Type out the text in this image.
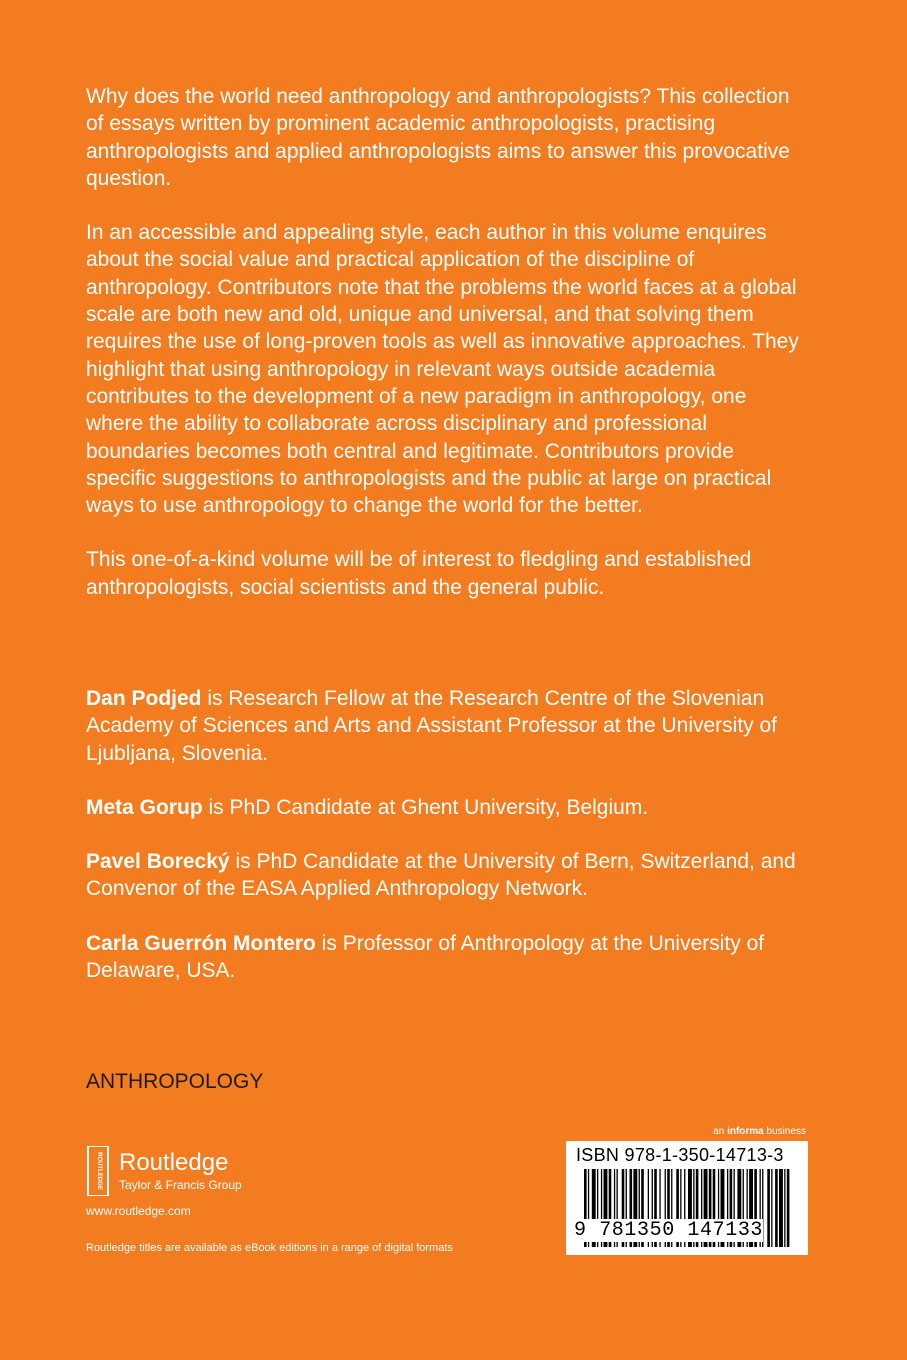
Why does the world need anthropology and anthropologists? This collection of essays written by prominent academic anthropologists, practising anthropologists and applied anthropologists aims to answer this provocative question.

In an accessible and appealing style, each author in this volume enquires about the social value and practical application of the discipline of anthropology. Contributors note that the problems the world faces at a global scale are both new and old, unique and universal, and that solving them requires the use of long-proven tools as well as innovative approaches. They highlight that using anthropology in relevant ways outside academia contributes to the development of a new paradigm in anthropology, one where the ability to collaborate across disciplinary and professional boundaries becomes both central and legitimate. Contributors provide specific suggestions to anthropologists and the public at large on practical ways to use anthropology to change the world for the better.

This one-of-a-kind volume will be of interest to fledgling and established anthropologists, social scientists and the general public.

Dan Podjed is Research Fellow at the Research Centre of the Slovenian Academy of Sciences and Arts and Assistant Professor at the University of Ljubljana, Slovenia.

Meta Gorup is PhD Candidate at Ghent University, Belgium.

Pavel Borecký is PhD Candidate at the University of Bern, Switzerland, and Convenor of the EASA Applied Anthropology Network.

Carla Guerrón Montero is Professor of Anthropology at the University of Delaware, USA.

ANTHROPOLOGY
ROUTLEDGE Routledge
Taylor & Francis Group
www.routledge.com
Routledge titles are available as eBook editions in a range of digital formats
an informa business
ISBN 978-1-350-14713-3
9 781350 147133
